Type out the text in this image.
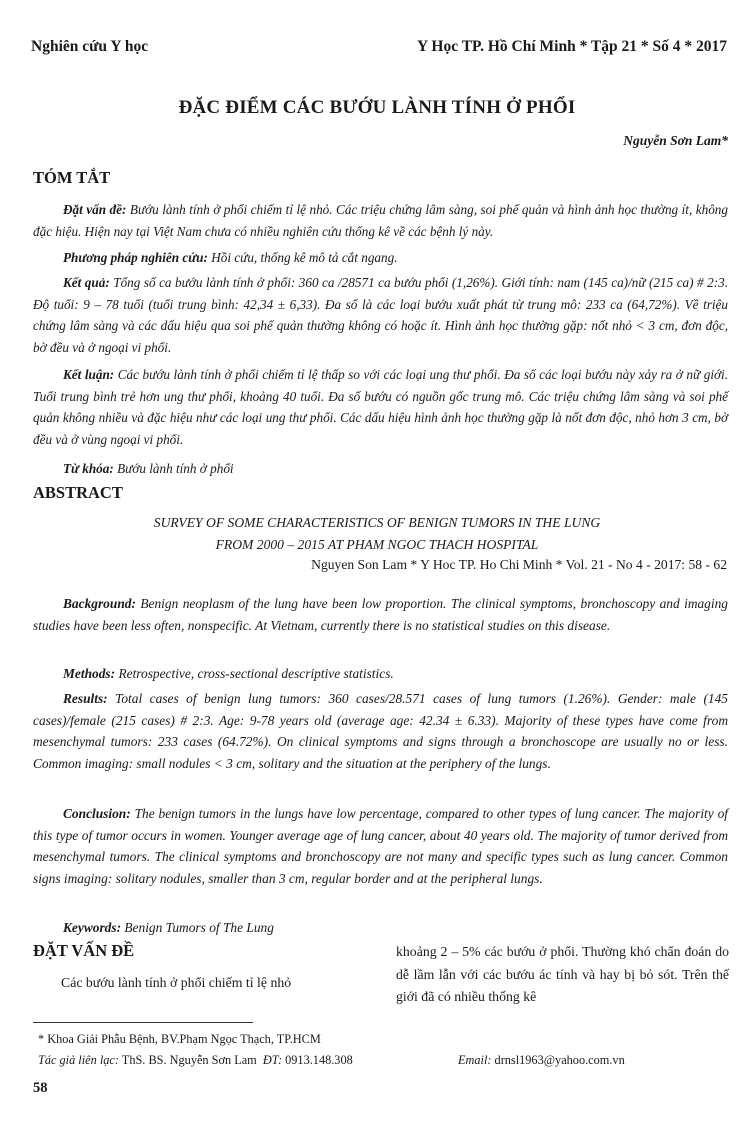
Nghiên cứu Y học	Y Học TP. Hồ Chí Minh * Tập 21 * Số 4 * 2017
ĐẶC ĐIỂM CÁC BƯỚU LÀNH TÍNH Ở PHỔI
Nguyễn Sơn Lam*
TÓM TẮT

Đặt vấn đề: Bướu lành tính ở phổi chiếm tỉ lệ nhỏ. Các triệu chứng lâm sàng, soi phế quản và hình ảnh học thường ít, không đặc hiệu. Hiện nay tại Việt Nam chưa có nhiều nghiên cứu thống kê về các bệnh lý này.

Phương pháp nghiên cứu: Hồi cứu, thống kê mô tả cắt ngang.

Kết quả: Tổng số ca bướu lành tính ở phổi: 360 ca /28571 ca bướu phổi (1,26%). Giới tính: nam (145 ca)/nữ (215 ca) # 2:3. Độ tuổi: 9 – 78 tuổi (tuổi trung bình: 42,34 ± 6,33). Đa số là các loại bướu xuất phát từ trung mô: 233 ca (64,72%). Về triệu chứng lâm sàng và các dấu hiệu qua soi phế quản thường không có hoặc ít. Hình ảnh học thường gặp: nốt nhỏ < 3 cm, đơn độc, bờ đều và ở ngoại vi phổi.

Kết luận: Các bướu lành tính ở phổi chiếm tỉ lệ thấp so với các loại ung thư phổi. Đa số các loại bướu này xảy ra ở nữ giới. Tuổi trung bình trẻ hơn ung thư phổi, khoảng 40 tuổi. Đa số bướu có nguồn gốc trung mô. Các triệu chứng lâm sàng và soi phế quản không nhiều và đặc hiệu như các loại ung thư phổi. Các dấu hiệu hình ảnh học thường gặp là nốt đơn độc, nhỏ hơn 3 cm, bờ đều và ở vùng ngoại vi phổi.

Từ khóa: Bướu lành tính ở phổi

ABSTRACT
SURVEY OF SOME CHARACTERISTICS OF BENIGN TUMORS IN THE LUNG
FROM 2000 – 2015 AT PHAM NGOC THACH HOSPITAL
Nguyen Son Lam * Y Hoc TP. Ho Chi Minh * Vol. 21 - No 4 - 2017: 58 - 62

Background: Benign neoplasm of the lung have been low proportion. The clinical symptoms, bronchoscopy and imaging studies have been less often, nonspecific. At Vietnam, currently there is no statistical studies on this disease.

Methods: Retrospective, cross-sectional descriptive statistics.

Results: Total cases of benign lung tumors: 360 cases/28.571 cases of lung tumors (1.26%). Gender: male (145 cases)/female (215 cases) # 2:3. Age: 9-78 years old (average age: 42.34 ± 6.33). Majority of these types have come from mesenchymal tumors: 233 cases (64.72%). On clinical symptoms and signs through a bronchoscope are usually no or less. Common imaging: small nodules < 3 cm, solitary and the situation at the periphery of the lungs.

Conclusion: The benign tumors in the lungs have low percentage, compared to other types of lung cancer. The majority of this type of tumor occurs in women. Younger average age of lung cancer, about 40 years old. The majority of tumor derived from mesenchymal tumors. The clinical symptoms and bronchoscopy are not many and specific types such as lung cancer. Common signs imaging: solitary nodules, smaller than 3 cm, regular border and at the peripheral lungs.

Keywords: Benign Tumors of The Lung

ĐẶT VẤN ĐỀ

Các bướu lành tính ở phổi chiếm tỉ lệ nhỏ

khoảng 2 – 5% các bướu ở phổi. Thường khó chẩn đoán do dễ lầm lẫn với các bướu ác tính và hay bị bỏ sót. Trên thế giới đã có nhiều thống kê

* Khoa Giải Phẫu Bệnh, BV.Phạm Ngọc Thạch, TP.HCM
Tác giả liên lạc: ThS. BS. Nguyễn Sơn Lam ĐT: 0913.148.308	Email: drnsl1963@yahoo.com.vn
58
